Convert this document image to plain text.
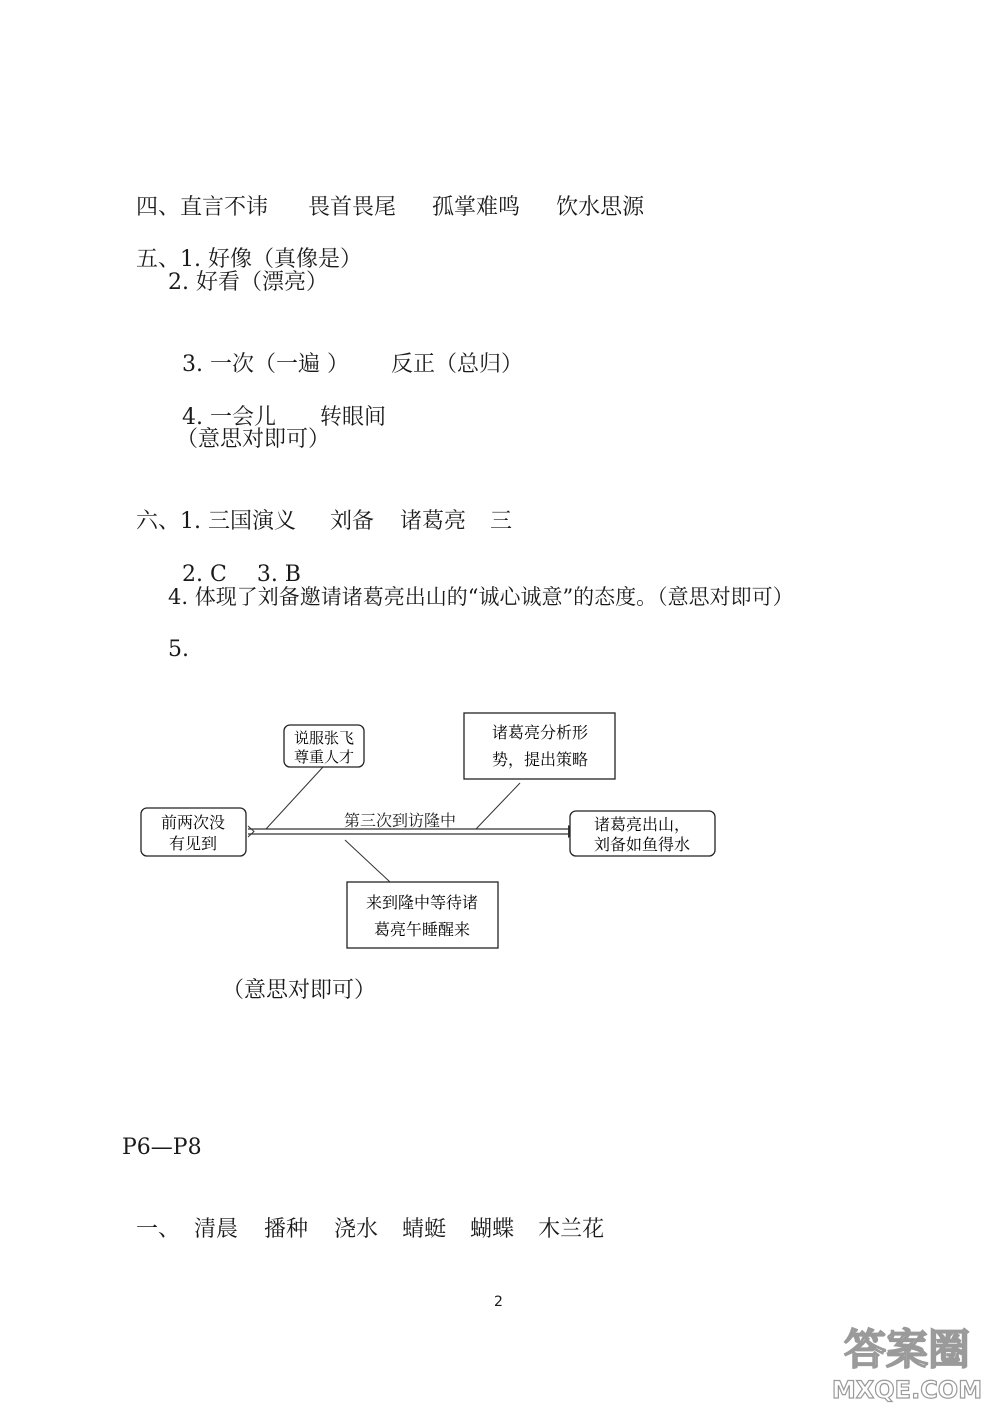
四、直言不讳 畏首畏尾 孤掌难鸣 饮水思源

五、1. 好像（真像是）

2. 好看（漂亮）

3. 一次（一遍 ） 反正（总归）

4. 一会儿 转眼间

（意思对即可）

六、1. 三国演义 刘备 诸葛亮 三

2. C 3. B

4. 体现了刘备邀请诸葛亮出山的“诚心诚意”的态度。（意思对即可）
5.
第三次到访隆中
前两次没
有见到
说服张飞
尊重人才
诸葛亮分析形
势，提出策略
诸葛亮出山，
刘备如鱼得水
来到隆中等待诸
葛亮午睡醒来
（意思对即可）
P6—P8

一、 清晨 播种 浇水 蜻蜓 蝴蝶 木兰花

2
答案圈
MXQE.COM
